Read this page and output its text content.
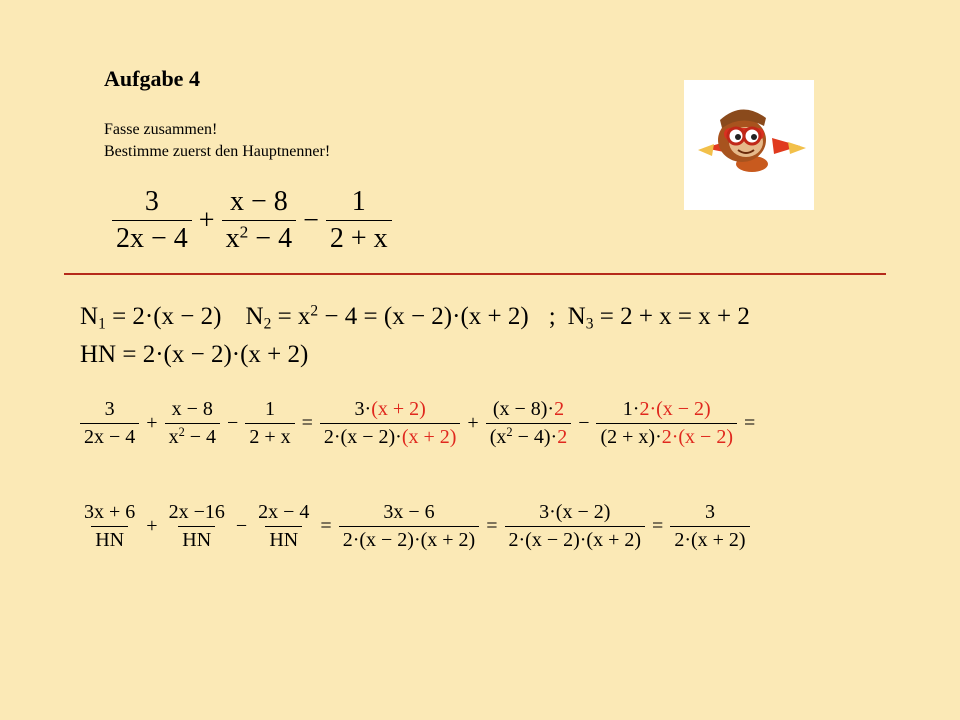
Aufgabe 4
Fasse zusammen!
Bestimme zuerst den Hauptnenner!
$\frac{3}{2x - 4} + \frac{x - 8}{x^2 - 4} - \frac{1}{2 + x}$
$N_1 = 2\cdot(x - 2) N_2 = x^2 - 4 = (x - 2)\cdot(x + 2)$ ; $N_3 = 2 + x = x + 2$
HN = 2·(x − 2)·(x + 2)
$\frac{3}{2x - 4} + \frac{x - 8}{x^2 - 4} - \frac{1}{2 + x} = \frac{3\cdot(x + 2)}{2\cdot(x - 2)\cdot(x + 2)} + \frac{(x - 8)\cdot 2}{(x^2 - 4)\cdot 2} - \frac{1\cdot 2\cdot(x - 2)}{(2 + x)\cdot 2\cdot(x - 2)}$ =
$\frac{3x + 6}{HN} + \frac{2x -16}{HN} - \frac{2x - 4}{HN} = \frac{3x - 6}{2\cdot(x - 2)\cdot(x + 2)} = \frac{3\cdot(x - 2)}{2\cdot(x - 2)\cdot(x + 2)} = \frac{3}{2\cdot(x + 2)}$
